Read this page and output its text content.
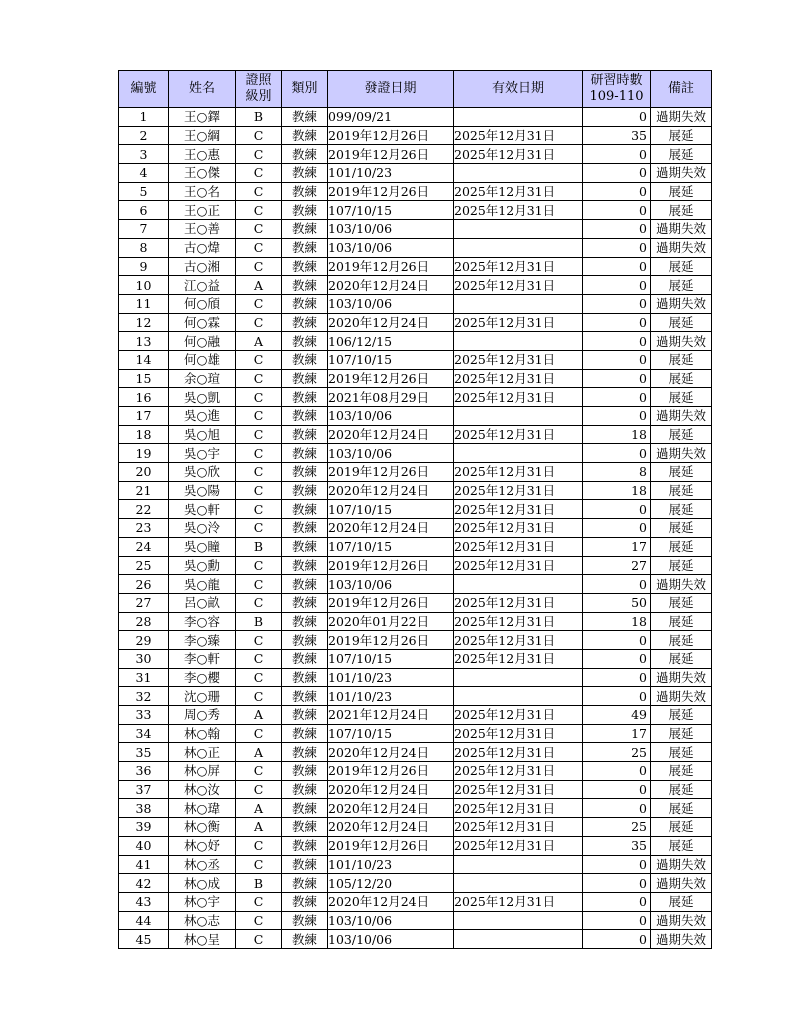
編號	姓名	證照級別	類別	發證日期	有效日期	研習時數
109-110	備註
1	王○鐸	B	教練	099/09/21		0	過期失效
2	王○綱	C	教練	2019年12月26日	2025年12月31日	35	展延
3	王○惠	C	教練	2019年12月26日	2025年12月31日	0	展延
4	王○傑	C	教練	101/10/23		0	過期失效
5	王○名	C	教練	2019年12月26日	2025年12月31日	0	展延
6	王○正	C	教練	107/10/15	2025年12月31日	0	展延
7	王○善	C	教練	103/10/06		0	過期失效
8	古○煒	C	教練	103/10/06		0	過期失效
9	古○湘	C	教練	2019年12月26日	2025年12月31日	0	展延
10	江○益	A	教練	2020年12月24日	2025年12月31日	0	展延
11	何○頎	C	教練	103/10/06		0	過期失效
12	何○霖	C	教練	2020年12月24日	2025年12月31日	0	展延
13	何○融	A	教練	106/12/15		0	過期失效
14	何○雄	C	教練	107/10/15	2025年12月31日	0	展延
15	余○瑄	C	教練	2019年12月26日	2025年12月31日	0	展延
16	吳○凱	C	教練	2021年08月29日	2025年12月31日	0	展延
17	吳○進	C	教練	103/10/06		0	過期失效
18	吳○旭	C	教練	2020年12月24日	2025年12月31日	18	展延
19	吳○宇	C	教練	103/10/06		0	過期失效
20	吳○欣	C	教練	2019年12月26日	2025年12月31日	8	展延
21	吳○陽	C	教練	2020年12月24日	2025年12月31日	18	展延
22	吳○軒	C	教練	107/10/15	2025年12月31日	0	展延
23	吳○泠	C	教練	2020年12月24日	2025年12月31日	0	展延
24	吳○瞳	B	教練	107/10/15	2025年12月31日	17	展延
25	吳○勳	C	教練	2019年12月26日	2025年12月31日	27	展延
26	吳○龍	C	教練	103/10/06		0	過期失效
27	呂○畝	C	教練	2019年12月26日	2025年12月31日	50	展延
28	李○容	B	教練	2020年01月22日	2025年12月31日	18	展延
29	李○臻	C	教練	2019年12月26日	2025年12月31日	0	展延
30	李○軒	C	教練	107/10/15	2025年12月31日	0	展延
31	李○櫻	C	教練	101/10/23		0	過期失效
32	沈○珊	C	教練	101/10/23		0	過期失效
33	周○秀	A	教練	2021年12月24日	2025年12月31日	49	展延
34	林○翰	C	教練	107/10/15	2025年12月31日	17	展延
35	林○正	A	教練	2020年12月24日	2025年12月31日	25	展延
36	林○屏	C	教練	2019年12月26日	2025年12月31日	0	展延
37	林○汝	C	教練	2020年12月24日	2025年12月31日	0	展延
38	林○瑋	A	教練	2020年12月24日	2025年12月31日	0	展延
39	林○衡	A	教練	2020年12月24日	2025年12月31日	25	展延
40	林○妤	C	教練	2019年12月26日	2025年12月31日	35	展延
41	林○丞	C	教練	101/10/23		0	過期失效
42	林○成	B	教練	105/12/20		0	過期失效
43	林○宇	C	教練	2020年12月24日	2025年12月31日	0	展延
44	林○志	C	教練	103/10/06		0	過期失效
45	林○呈	C	教練	103/10/06		0	過期失效
